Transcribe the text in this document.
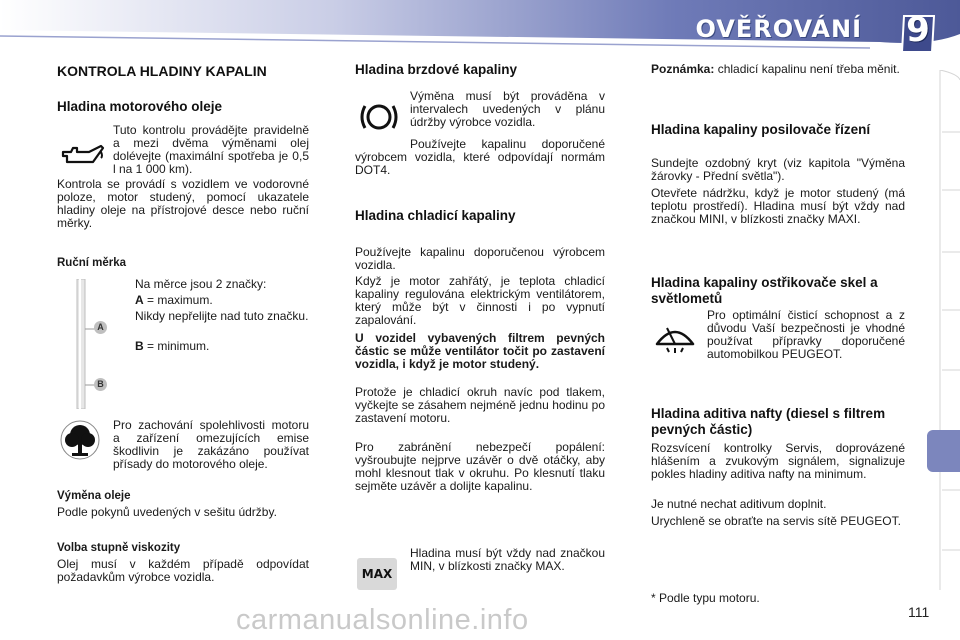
OVĚŘOVÁNÍ 9
KONTROLA HLADINY KAPALIN
Hladina motorového oleje

Tuto kontrolu provádějte pravidelně a mezi dvěma výměnami olej dolévejte (maximální spotřeba je 0,5 l na 1 000 km).

Kontrola se provádí s vozidlem ve vodorovné poloze, motor studený, pomocí ukazatele hladiny oleje na přístrojové desce nebo ruční měrky.

Ruční měrka
A
B

Na měrce jsou 2 značky:

A = maximum.

Nikdy nepřelijte nad tuto značku.

B = minimum.

Pro zachování spolehlivosti motoru a zařízení omezujících emise škodlivin je zakázáno používat přísady do motorového oleje.

Výměna oleje

Podle pokynů uvedených v sešitu údržby.

Volba stupně viskozity

Olej musí v každém případě odpovídat požadavkům výrobce vozidla.

Hladina brzdové kapaliny

Výměna musí být prováděna v intervalech uvedených v plánu údržby výrobce vozidla.

Používejte kapalinu doporučené výrobcem vozidla, které odpovídají normám DOT4.

Hladina chladicí kapaliny

Používejte kapalinu doporučenou výrobcem vozidla.

Když je motor zahřátý, je teplota chladicí kapaliny regulována elektrickým ventilátorem, který může být v činnosti i po vypnutí zapalování.

U vozidel vybavených filtrem pevných částic se může ventilátor točit po zastavení vozidla, i když je motor studený.

Protože je chladicí okruh navíc pod tlakem, vyčkejte se zásahem nejméně jednu hodinu po zastavení motoru.

Pro zabránění nebezpečí popálení: vyšroubujte nejprve uzávěr o dvě otáčky, aby mohl klesnout tlak v okruhu. Po klesnutí tlaku sejměte uzávěr a dolijte kapalinu.

MAX

Hladina musí být vždy nad značkou MIN, v blízkosti značky MAX.

Poznámka: chladicí kapalinu není třeba měnit.

Hladina kapaliny posilovače řízení

Sundejte ozdobný kryt (viz kapitola "Výměna žárovky - Přední světla").

Otevřete nádržku, když je motor studený (má teplotu prostředí). Hladina musí být vždy nad značkou MINI, v blízkosti značky MAXI.

Hladina kapaliny ostřikovače skel a světlometů

Pro optimální čisticí schopnost a z důvodu Vaší bezpečnosti je vhodné používat přípravky doporučené automobilkou PEUGEOT.

Hladina aditiva nafty (diesel s filtrem pevných částic)

Rozsvícení kontrolky Servis, doprovázené hlášením a zvukovým signálem, signalizuje pokles hladiny aditiva nafty na minimum.

Je nutné nechat aditivum doplnit.

Urychleně se obraťte na servis sítě PEUGEOT.

* Podle typu motoru.

carmanualsonline.info	111
